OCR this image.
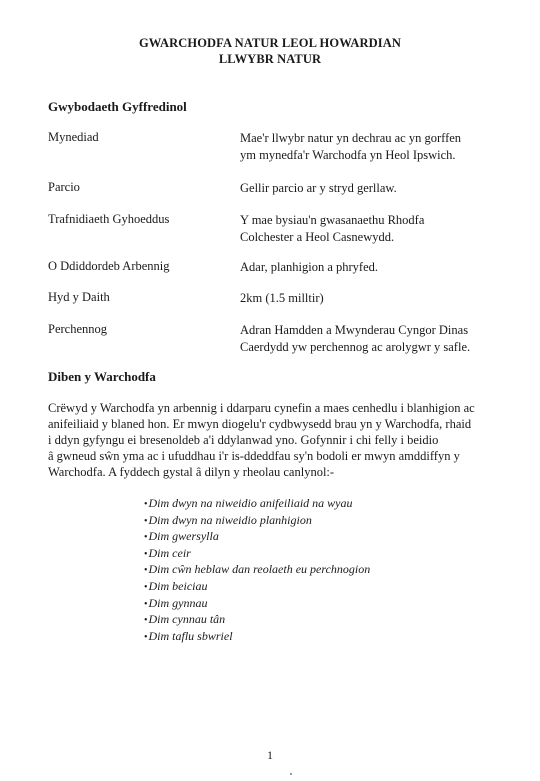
GWARCHODFA NATUR LEOL HOWARDIAN
LLWYBR NATUR
Gwybodaeth Gyffredinol
Mynediad	Mae'r llwybr natur yn dechrau ac yn gorffen
ym mynedfa'r Warchodfa yn Heol Ipswich.
Parcio	Gellir parcio ar y stryd gerllaw.
Trafnidiaeth Gyhoeddus	Y mae bysiau'n gwasanaethu Rhodfa
Colchester a Heol Casnewydd.
O Ddiddordeb Arbennig	Adar, planhigion a phryfed.
Hyd y Daith	2km (1.5 milltir)
Perchennog	Adran Hamdden a Mwynderau Cyngor Dinas
Caerdydd yw perchennog ac arolygwr y safle.
Diben y Warchodfa
Crëwyd y Warchodfa yn arbennig i ddarparu cynefin a maes cenhedlu i blanhigion ac
anifeiliaid y blaned hon. Er mwyn diogelu'r cydbwysedd brau yn y Warchodfa, rhaid
i ddyn gyfyngu ei bresenoldeb a'i ddylanwad yno. Gofynnir i chi felly i beidio
â gwneud sŵn yma ac i ufuddhau i'r is-ddeddfau sy'n bodoli er mwyn amddiffyn y
Warchodfa. A fyddech gystal â dilyn y rheolau canlynol:-
• Dim dwyn na niweidio anifeiliaid na wyau
• Dim dwyn na niweidio planhigion
• Dim gwersylla
• Dim ceir
• Dim cŵn heblaw dan reolaeth eu perchnogion
• Dim beiciau
• Dim gynnau
• Dim cynnau tân
• Dim taflu sbwriel
1
